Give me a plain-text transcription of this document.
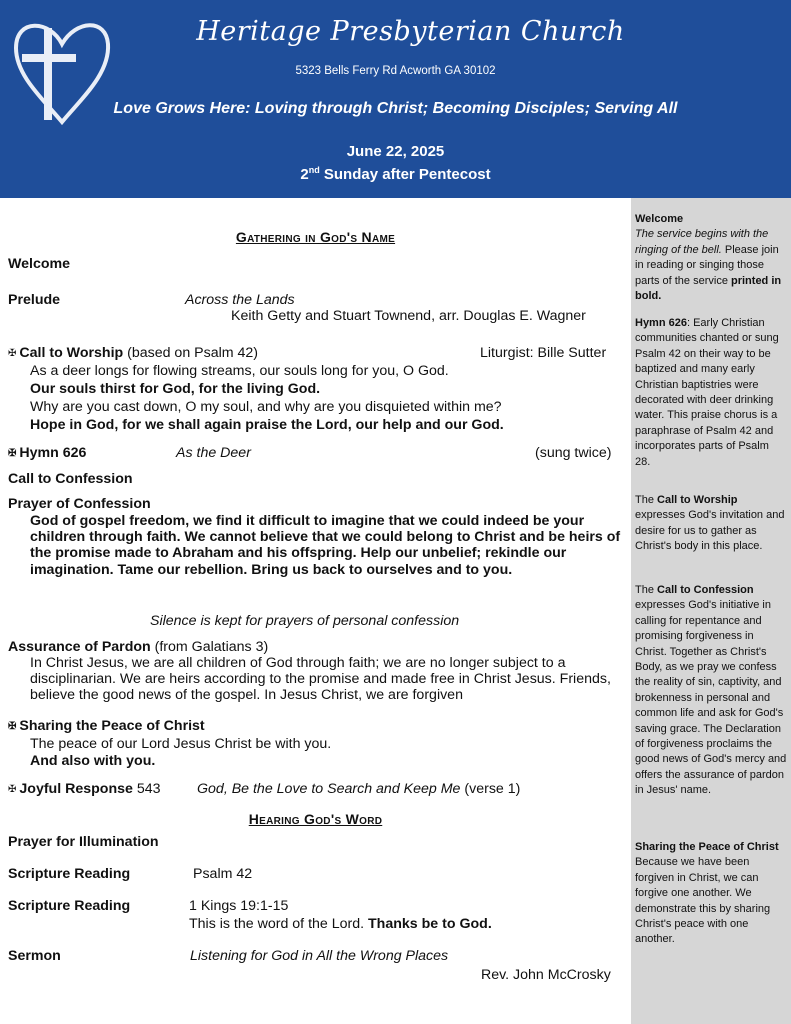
Heritage Presbyterian Church
5323 Bells Ferry Rd Acworth GA 30102
Love Grows Here: Loving through Christ; Becoming Disciples; Serving All
June 22, 2025
2nd Sunday after Pentecost
Welcome
The service begins with the ringing of the bell. Please join in reading or singing those parts of the service printed in bold.
Hymn 626: Early Christian communities chanted or sung Psalm 42 on their way to be baptized and many early Christian baptistries were decorated with deer drinking water. This praise chorus is a paraphrase of Psalm 42 and incorporates parts of Psalm 28.
The Call to Worship expresses God's invitation and desire for us to gather as Christ's body in this place.
The Call to Confession expresses God's initiative in calling for repentance and promising forgiveness in Christ. Together as Christ's Body, as we pray we confess the reality of sin, captivity, and brokenness in personal and common life and ask for God's saving grace. The Declaration of forgiveness proclaims the good news of God's mercy and offers the assurance of pardon in Jesus' name.
Sharing the Peace of Christ
Because we have been forgiven in Christ, we can forgive one another. We demonstrate this by sharing Christ's peace with one another.
Gathering in God's Name
Welcome
Prelude	Across the Lands
Keith Getty and Stuart Townend, arr. Douglas E. Wagner
✠ Call to Worship (based on Psalm 42)	Liturgist: Bille Sutter
As a deer longs for flowing streams, our souls long for you, O God.
Our souls thirst for God, for the living God.
Why are you cast down, O my soul, and why are you disquieted within me?
Hope in God, for we shall again praise the Lord, our help and our God.
✠ Hymn 626	As the Deer	(sung twice)
Call to Confession
Prayer of Confession
God of gospel freedom, we find it difficult to imagine that we could indeed be your children through faith. We cannot believe that we could belong to Christ and be heirs of the promise made to Abraham and his offspring. Help our unbelief; rekindle our imagination. Tame our rebellion. Bring us back to ourselves and to you.
Silence is kept for prayers of personal confession
Assurance of Pardon (from Galatians 3)
In Christ Jesus, we are all children of God through faith; we are no longer subject to a disciplinarian. We are heirs according to the promise and made free in Christ Jesus. Friends, believe the good news of the gospel. In Jesus Christ, we are forgiven
✠ Sharing the Peace of Christ
The peace of our Lord Jesus Christ be with you.
And also with you.
✠ Joyful Response 543	God, Be the Love to Search and Keep Me (verse 1)
Hearing God's Word
Prayer for Illumination
Scripture Reading	Psalm 42
Scripture Reading	1 Kings 19:1-15
This is the word of the Lord. Thanks be to God.
Sermon	Listening for God in All the Wrong Places
Rev. John McCrosky
